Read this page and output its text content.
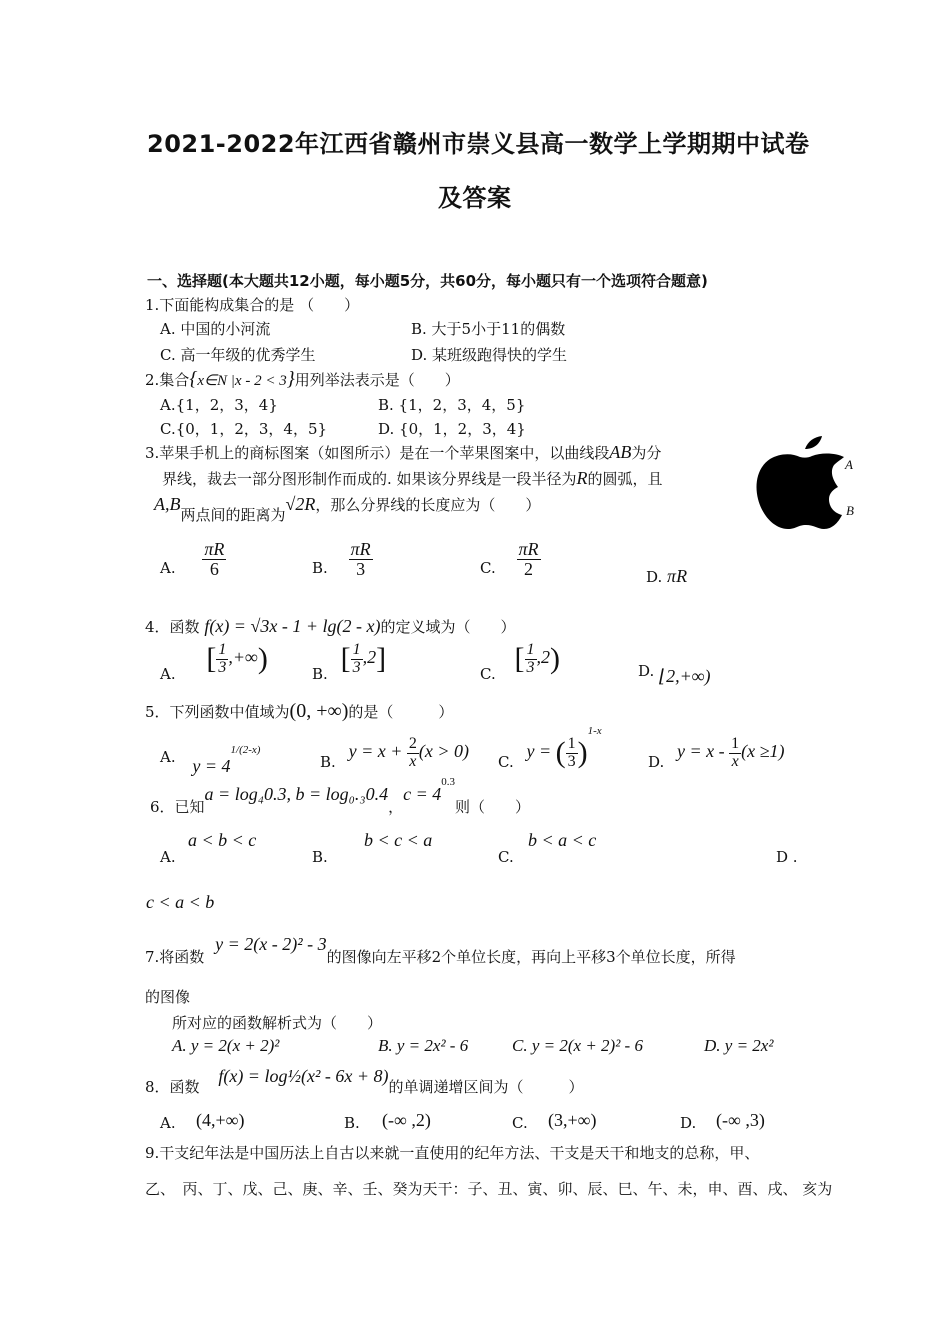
2021-2022年江西省赣州市崇义县高一数学上学期期中试卷
及答案
一、选择题(本大题共12小题，每小题5分，共60分，每小题只有一个选项符合题意)
1.下面能构成集合的是 （　　）
A. 中国的小河流	B. 大于5小于11的偶数
C. 高一年级的优秀学生	D. 某班级跑得快的学生
2.集合{x∈N |x - 2 < 3}用列举法表示是（　　）
A.{1，2，3，4}	B. {1，2，3，4，5}
C.{0，1，2，3，4，5}	D. {0，1，2，3，4}
3.苹果手机上的商标图案（如图所示）是在一个苹果图案中，以曲线段AB为分
界线，裁去一部分图形制作而成的. 如果该分界线是一段半径为R的圆弧，且
A,B两点间的距离为√2R，那么分界线的长度应为（　　）
A
B
A. $\frac{\pi R}{6}$	B. $\frac{\pi R}{3}$	C. $\frac{\pi R}{2}$	D. πR
4．函数 f(x) = √3x - 1 + lg(2 - x)的定义域为（　　）
A. [ $\frac{1}{3}$ ,+∞)	B. [ $\frac{1}{3} ,2$]	C. [ $\frac{1}{3} ,2$)	D. ⌊2,+∞)
5．下列函数中值域为(0, +∞)的是（　　　）
A. $y = 4^{1/(2-x)}$
B. $y = x + \frac{2}{x} (x > 0)$
C. y = ( $\frac{1}{3} )^{1-x}$
D. $y = x - \frac{1}{x} (x \ge 1)$
6．已知a = log₄0.3, b = log₀.₃0.4，$c = 4^{0.3}$则（　　）
A.
a < b < c
B.
b < c < a
C.
b < a < c
D .
c < a < b
7.将函数 y = 2(x - 2)² - 3的图像向左平移2个单位长度，再向上平移3个单位长度，所得
的图像
所对应的函数解析式为（　　）
A. y = 2(x + 2)²	B. y = 2x² - 6	C. y = 2(x + 2)² - 6	D. y = 2x²
8．函数 f(x) = log½(x² - 6x + 8)的单调递增区间为（　　　）
A. (4,+∞)	B. (-∞ ,2)	C. (3,+∞)	D. (-∞ ,3)
9.干支纪年法是中国历法上自古以来就一直使用的纪年方法、干支是天干和地支的总称，甲、
乙、　丙、丁、戊、己、庚、辛、壬、癸为天干：子、丑、寅、卯、辰、巳、午、未，申、酉、戌、 亥为
